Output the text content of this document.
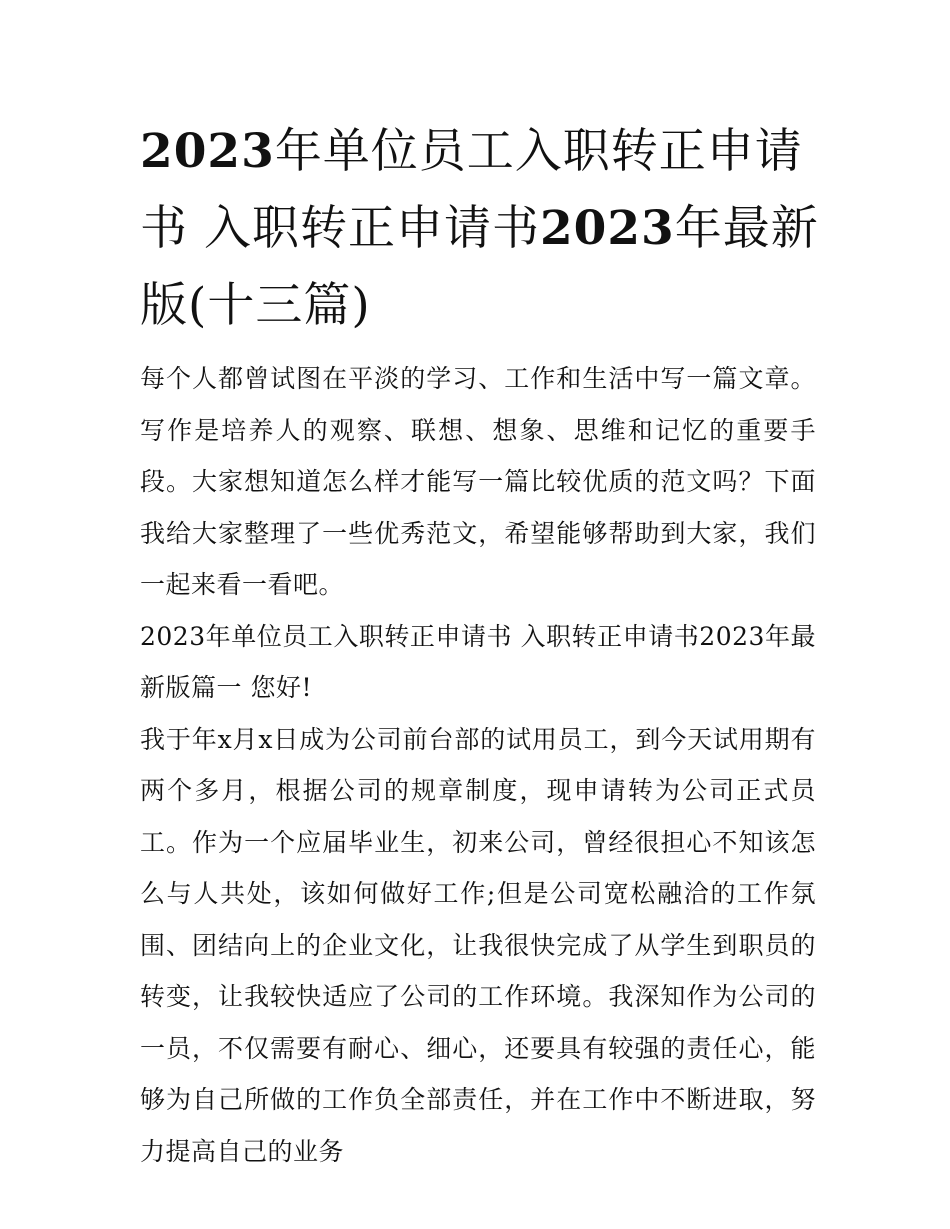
2023年单位员工入职转正申请书 入职转正申请书2023年最新版(十三篇)

每个人都曾试图在平淡的学习、工作和生活中写一篇文章。写作是培养人的观察、联想、想象、思维和记忆的重要手段。大家想知道怎么样才能写一篇比较优质的范文吗？下面我给大家整理了一些优秀范文，希望能够帮助到大家，我们一起来看一看吧。

2023年单位员工入职转正申请书 入职转正申请书2023年最新版篇一 您好!

我于年x月x日成为公司前台部的试用员工，到今天试用期有两个多月，根据公司的规章制度，现申请转为公司正式员工。作为一个应届毕业生，初来公司，曾经很担心不知该怎么与人共处，该如何做好工作;但是公司宽松融洽的工作氛围、团结向上的企业文化，让我很快完成了从学生到职员的转变，让我较快适应了公司的工作环境。我深知作为公司的一员，不仅需要有耐心、细心，还要具有较强的责任心，能够为自己所做的工作负全部责任，并在工作中不断进取，努力提高自己的业务
